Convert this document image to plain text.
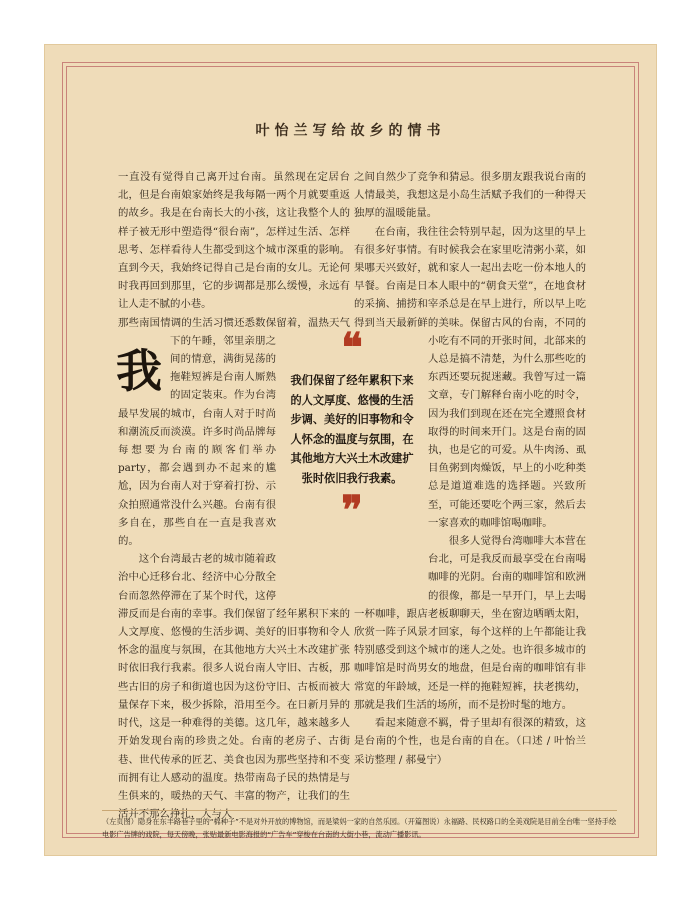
叶怡兰写给故乡的情书
我

一直没有觉得自己离开过台南。虽然现在定居台北，但是台南娘家始终是我每隔一两个月就要重返的故乡。我是在台南长大的小孩，这让我整个人的样子被无形中塑造得“很台南”，怎样过生活、怎样思考、怎样看待人生都受到这个城市深重的影响。直到今天，我始终记得自己是台南的女儿。无论何时我再回到那里，它的步调都是那么缓慢，永远有让人走不腻的小巷。

那些南国情调的生活习惯还悉数保留着，温热天气下的午睡，邻里亲朋之间的情意，满街晃荡的拖鞋短裤是台南人厮熟的固定装束。作为台湾最早发展的城市，台南人对于时尚和潮流反而淡漠。许多时尚品牌每每想要为台南的顾客们举办party，都会遇到办不起来的尴尬，因为台南人对于穿着打扮、示众拍照通常没什么兴趣。台南有很多自在，那些自在一直是我喜欢的。

这个台湾最古老的城市随着政治中心迁移台北、经济中心分散全台而忽然停滞在了某个时代，这停滞反而是台南的幸事。我们保留了经年累积下来的人文厚度、悠慢的生活步调、美好的旧事物和令人怀念的温度与氛围，在其他地方大兴土木改建扩张时依旧我行我素。很多人说台南人守旧、古板，那些古旧的房子和街道也因为这份守旧、古板而被大量保存下来，极少拆除，沿用至今。在日新月异的时代，这是一种难得的美德。这几年，越来越多人开始发现台南的珍贵之处。台南的老房子、古街巷、世代传承的匠艺、美食也因为那些坚持和不变而拥有让人感动的温度。热带南岛子民的热情是与生俱来的，暖热的天气、丰富的物产，让我们的生活并不那么挣扎，人与人

之间自然少了竞争和猜忌。很多朋友跟我说台南的人情最美，我想这是小岛生活赋予我们的一种得天独厚的温暖能量。

在台南，我往往会特别早起，因为这里的早上有很多好事情。有时候我会在家里吃清粥小菜，如果哪天兴致好，就和家人一起出去吃一份本地人的早餐。台南是日本人眼中的“朝食天堂”，在地食材的采摘、捕捞和宰杀总是在早上进行，所以早上吃得到当天最新鲜的美味。保留古风的台南，不同的小吃有不同的开张时间，北部来的人总是搞不清楚，为什么那些吃的东西还要玩捉迷藏。我曾写过一篇文章，专门解释台南小吃的时令，因为我们到现在还在完全遵照食材取得的时间来开门。这是台南的固执，也是它的可爱。从牛肉汤、虱目鱼粥到肉燥饭，早上的小吃种类总是道道难选的选择题。兴致所至，可能还要吃个两三家，然后去一家喜欢的咖啡馆喝咖啡。

很多人觉得台湾咖啡大本营在台北，可是我反而最享受在台南喝咖啡的光阴。台南的咖啡馆和欧洲的很像，都是一早开门，早上去喝一杯咖啡，跟店老板聊聊天，坐在窗边晒晒太阳，欣赏一阵子风景才回家，每个这样的上午都能让我特别感受到这个城市的迷人之处。也许很多城市的咖啡馆是时尚男女的地盘，但是台南的咖啡馆有非常宽的年龄域，还是一样的拖鞋短裤，扶老携幼，那就是我们生活的场所，而不是扮时髦的地方。

看起来随意不羁，骨子里却有很深的精致，这是台南的个性，也是台南的自在。（口述 / 叶怡兰 采访整理 / 郝曼宁）

❝
我们保留了经年累积下来的人文厚度、悠慢的生活步调、美好的旧事物和令人怀念的温度与氛围，在其他地方大兴土木改建扩张时依旧我行我素。
❞
（左页图）隐身在东丰路巷子里的“棉种子”不是对外开放的博物馆，而是梁妈一家的自然乐园。（开篇图说）永福路、民权路口的全美戏院是目前全台唯一坚持手绘电影广告牌的戏院，每天傍晚，张贴最新电影海报的“广告车”穿梭在台南的大街小巷，流动广播影讯。
